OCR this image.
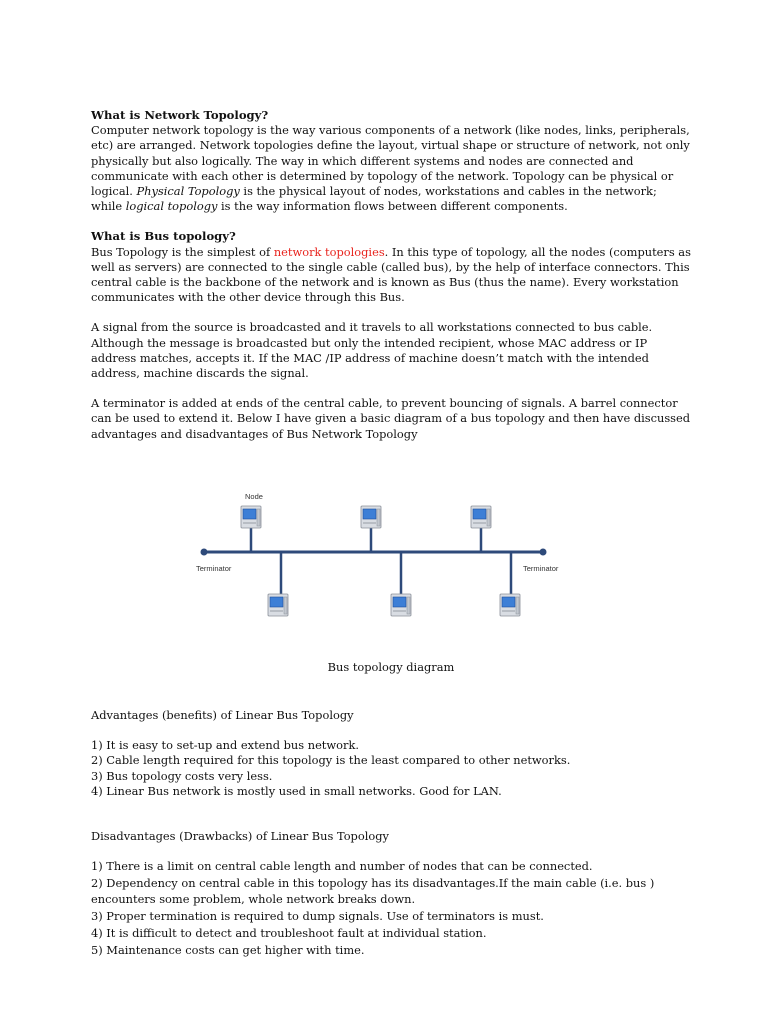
What is Network Topology?

Computer network topology is the way various components of a network (like nodes, links, peripherals, etc) are arranged. Network topologies define the layout, virtual shape or structure of network, not only physically but also logically. The way in which different systems and nodes are connected and communicate with each other is determined by topology of the network. Topology can be physical or logical. Physical Topology is the physical layout of nodes, workstations and cables in the network; while logical topology is the way information flows between different components.

What is Bus topology?

Bus Topology is the simplest of network topologies. In this type of topology, all the nodes (computers as well as servers) are connected to the single cable (called bus), by the help of interface connectors. This central cable is the backbone of the network and is known as Bus (thus the name). Every workstation communicates with the other device through this Bus.

A signal from the source is broadcasted and it travels to all workstations connected to bus cable. Although the message is broadcasted but only the intended recipient, whose MAC address or IP address matches, accepts it. If the MAC /IP address of machine doesn’t match with the intended address, machine discards the signal.

A terminator is added at ends of the central cable, to prevent bouncing of signals. A barrel connector can be used to extend it. Below I have given a basic diagram of a bus topology and then have discussed advantages and disadvantages of Bus Network Topology

Node
Terminator	Terminator

Bus topology diagram

Advantages (benefits) of Linear Bus Topology

1) It is easy to set-up and extend bus network.
2) Cable length required for this topology is the least compared to other networks.
3) Bus topology costs very less.
4) Linear Bus network is mostly used in small networks. Good for LAN.

Disadvantages (Drawbacks) of Linear Bus Topology

1) There is a limit on central cable length and number of nodes that can be connected.
2) Dependency on central cable in this topology has its disadvantages.If the main cable (i.e. bus ) encounters some problem, whole network breaks down.
3) Proper termination is required to dump signals. Use of terminators is must.
4) It is difficult to detect and troubleshoot fault at individual station.
5) Maintenance costs can get higher with time.
